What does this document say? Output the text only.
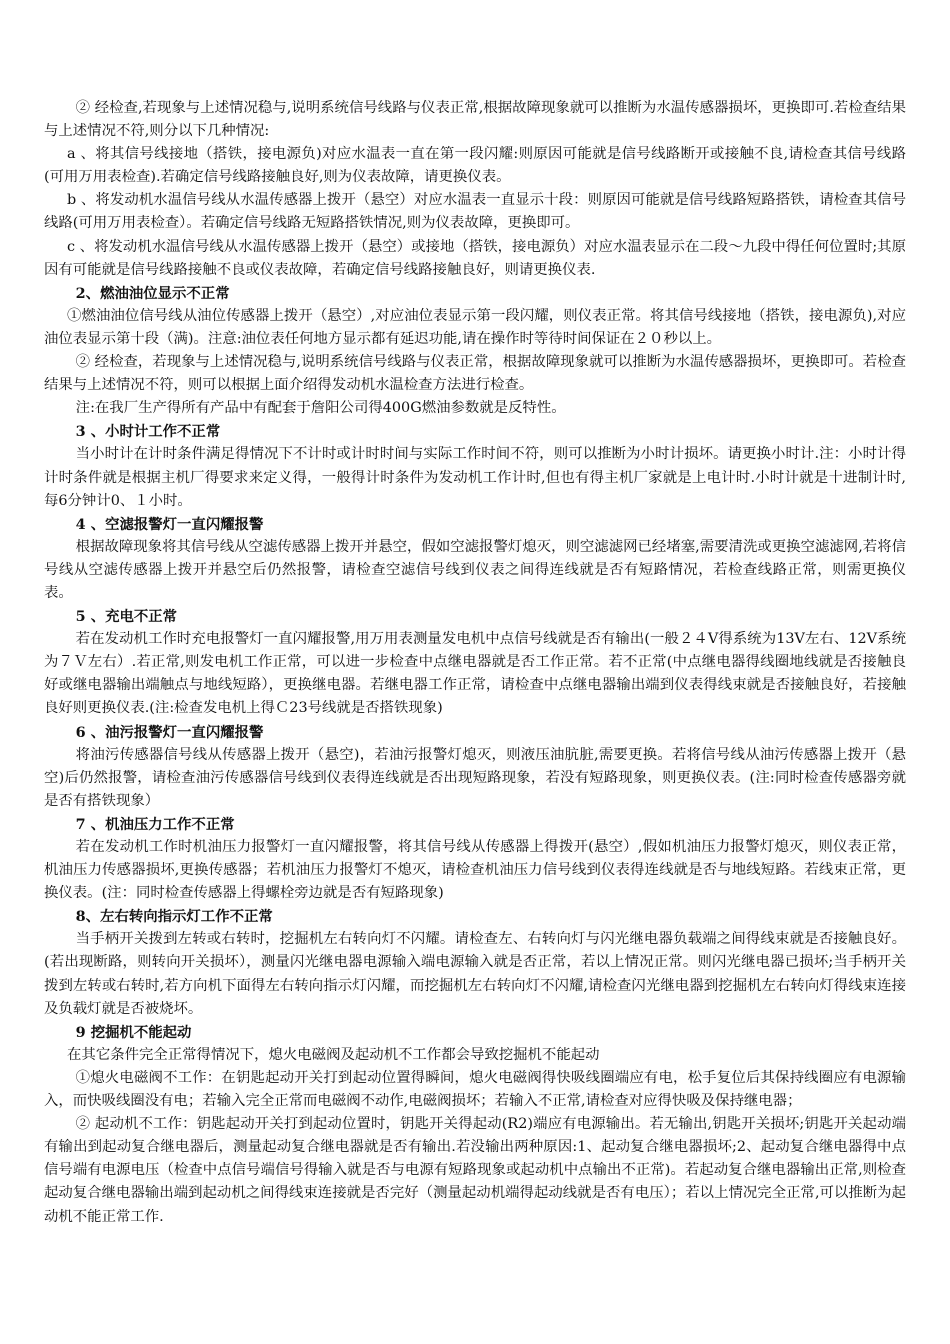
② 经检查,若现象与上述情况稳与,说明系统信号线路与仪表正常,根据故障现象就可以推断为水温传感器损坏，更换即可.若检查结果与上述情况不符,则分以下几种情况:

a 、将其信号线接地（搭铁，接电源负)对应水温表一直在第一段闪耀:则原因可能就是信号线路断开或接触不良,请检查其信号线路(可用万用表检查).若确定信号线路接触良好,则为仪表故障，请更换仪表。

b 、将发动机水温信号线从水温传感器上拨开（悬空）对应水温表一直显示十段：则原因可能就是信号线路短路搭铁，请检查其信号线路(可用万用表检查）。若确定信号线路无短路搭铁情况,则为仪表故障，更换即可。

c 、将发动机水温信号线从水温传感器上拨开（悬空）或接地（搭铁，接电源负）对应水温表显示在二段～九段中得任何位置时;其原因有可能就是信号线路接触不良或仪表故障，若确定信号线路接触良好，则请更换仪表.

2、燃油油位显示不正常

①燃油油位信号线从油位传感器上拨开（悬空）,对应油位表显示第一段闪耀，则仪表正常。将其信号线接地（搭铁，接电源负),对应油位表显示第十段（满)。注意:油位表任何地方显示都有延迟功能,请在操作时等待时间保证在２０秒以上。

② 经检查，若现象与上述情况稳与,说明系统信号线路与仪表正常，根据故障现象就可以推断为水温传感器损坏，更换即可。若检查结果与上述情况不符，则可以根据上面介绍得发动机水温检查方法进行检查。

注:在我厂生产得所有产品中有配套于詹阳公司得400G燃油参数就是反特性。

3 、小时计工作不正常

当小时计在计时条件满足得情况下不计时或计时时间与实际工作时间不符，则可以推断为小时计损坏。请更换小时计.注：小时计得计时条件就是根据主机厂得要求来定义得，一般得计时条件为发动机工作计时,但也有得主机厂家就是上电计时.小时计就是十进制计时,每6分钟计0、１小时。

4 、空滤报警灯一直闪耀报警

根据故障现象将其信号线从空滤传感器上拨开并悬空，假如空滤报警灯熄灭，则空滤滤网已经堵塞,需要清洗或更换空滤滤网,若将信号线从空滤传感器上拨开并悬空后仍然报警，请检查空滤信号线到仪表之间得连线就是否有短路情况，若检查线路正常，则需更换仪表。

5 、充电不正常

若在发动机工作时充电报警灯一直闪耀报警,用万用表测量发电机中点信号线就是否有输出(一般２４V得系统为13V左右、12V系统为７Ｖ左右）.若正常,则发电机工作正常，可以进一步检查中点继电器就是否工作正常。若不正常(中点继电器得线圈地线就是否接触良好或继电器输出端触点与地线短路），更换继电器。若继电器工作正常，请检查中点继电器输出端到仪表得线束就是否接触良好，若接触良好则更换仪表.(注:检查发电机上得Ｃ23号线就是否搭铁现象)

6 、油污报警灯一直闪耀报警

将油污传感器信号线从传感器上拨开（悬空)，若油污报警灯熄灭，则液压油肮脏,需要更换。若将信号线从油污传感器上拨开（悬空)后仍然报警，请检查油污传感器信号线到仪表得连线就是否出现短路现象，若没有短路现象，则更换仪表。(注:同时检查传感器旁就是否有搭铁现象）

7 、机油压力工作不正常

若在发动机工作时机油压力报警灯一直闪耀报警，将其信号线从传感器上得拨开(悬空）,假如机油压力报警灯熄灭，则仪表正常，机油压力传感器损坏,更换传感器；若机油压力报警灯不熄灭，请检查机油压力信号线到仪表得连线就是否与地线短路。若线束正常，更换仪表。(注：同时检查传感器上得螺栓旁边就是否有短路现象)

8、左右转向指示灯工作不正常

当手柄开关拨到左转或右转时，挖掘机左右转向灯不闪耀。请检查左、右转向灯与闪光继电器负载端之间得线束就是否接触良好。(若出现断路，则转向开关损坏），测量闪光继电器电源输入端电源输入就是否正常，若以上情况正常。则闪光继电器已损坏;当手柄开关拨到左转或右转时,若方向机下面得左右转向指示灯闪耀，而挖掘机左右转向灯不闪耀,请检查闪光继电器到挖掘机左右转向灯得线束连接及负载灯就是否被烧坏。

9 挖掘机不能起动

在其它条件完全正常得情况下，熄火电磁阀及起动机不工作都会导致挖掘机不能起动

①熄火电磁阀不工作：在钥匙起动开关打到起动位置得瞬间，熄火电磁阀得快吸线圈端应有电，松手复位后其保持线圈应有电源输入，而快吸线圈没有电；若输入完全正常而电磁阀不动作,电磁阀损坏；若输入不正常,请检查对应得快吸及保持继电器；

② 起动机不工作：钥匙起动开关打到起动位置时，钥匙开关得起动(R2)端应有电源输出。若无输出,钥匙开关损坏;钥匙开关起动端有输出到起动复合继电器后，测量起动复合继电器就是否有输出.若没输出两种原因:1、起动复合继电器损坏;2、起动复合继电器得中点信号端有电源电压（检查中点信号端信号得输入就是否与电源有短路现象或起动机中点输出不正常)。若起动复合继电器输出正常,则检查起动复合继电器输出端到起动机之间得线束连接就是否完好（测量起动机端得起动线就是否有电压）；若以上情况完全正常,可以推断为起动机不能正常工作.
